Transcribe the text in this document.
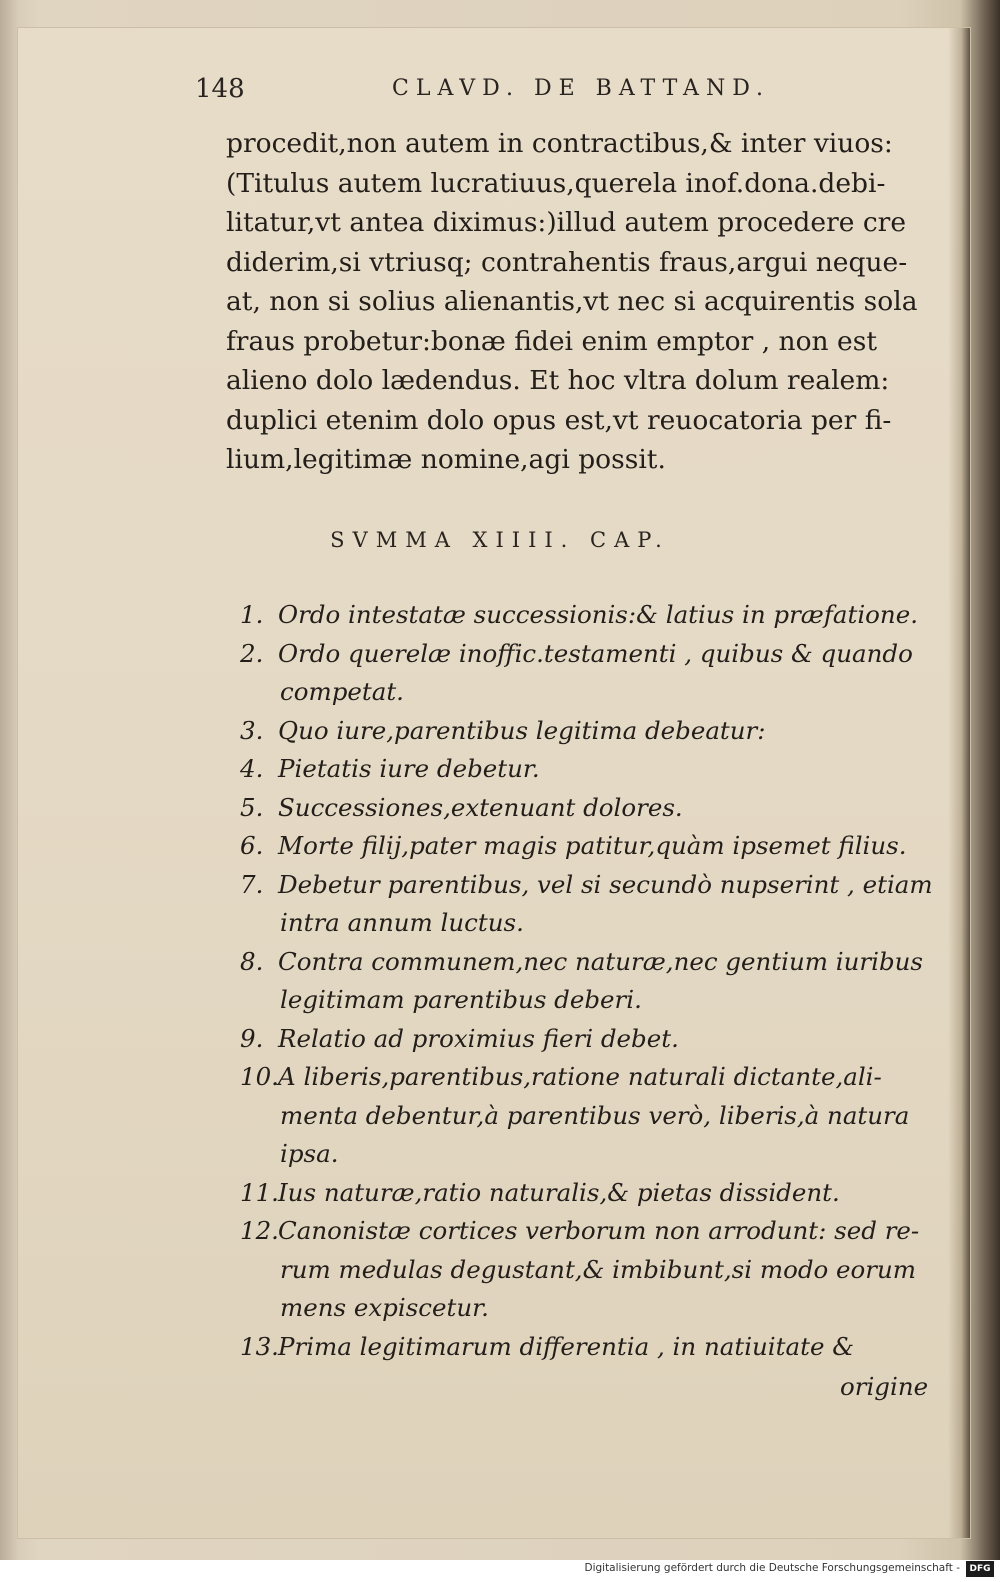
148	CLAVD. DE BATTAND.
procedit,non autem in contractibus,& inter viuos:
(Titulus autem lucratiuus,querela inof.dona.debi-
litatur,vt antea diximus:)illud autem procedere cre
diderim,si vtriusq; contrahentis fraus,argui neque-
at, non si solius alienantis,vt nec si acquirentis sola
fraus probetur:bonæ fidei enim emptor , non est
alieno dolo lædendus. Et hoc vltra dolum realem:
duplici etenim dolo opus est,vt reuocatoria per fi-
lium,legitimæ nomine,agi possit.
SVMMA XIIII. CAP.
1. Ordo intestatæ successionis:& latius in præfatione.
2. Ordo querelæ inoffic.testamenti , quibus & quando
competat.
3. Quo iure,parentibus legitima debeatur:
4. Pietatis iure debetur.
5. Successiones,extenuant dolores.
6. Morte filij,pater magis patitur,quàm ipsemet filius.
7. Debetur parentibus, vel si secundò nupserint , etiam
intra annum luctus.
8. Contra communem,nec naturæ,nec gentium iuribus
legitimam parentibus deberi.
9. Relatio ad proximius fieri debet.
10.A liberis,parentibus,ratione naturali dictante,ali-
menta debentur,à parentibus verò, liberis,à natura
ipsa.
11.Ius naturæ,ratio naturalis,& pietas dissident.
12.Canonistæ cortices verborum non arrodunt: sed re-
rum medulas degustant,& imbibunt,si modo eorum
mens expiscetur.
13.Prima legitimarum differentia , in natiuitate &
origine
Digitalisierung gefördert durch die Deutsche Forschungsgemeinschaft -	DFG
